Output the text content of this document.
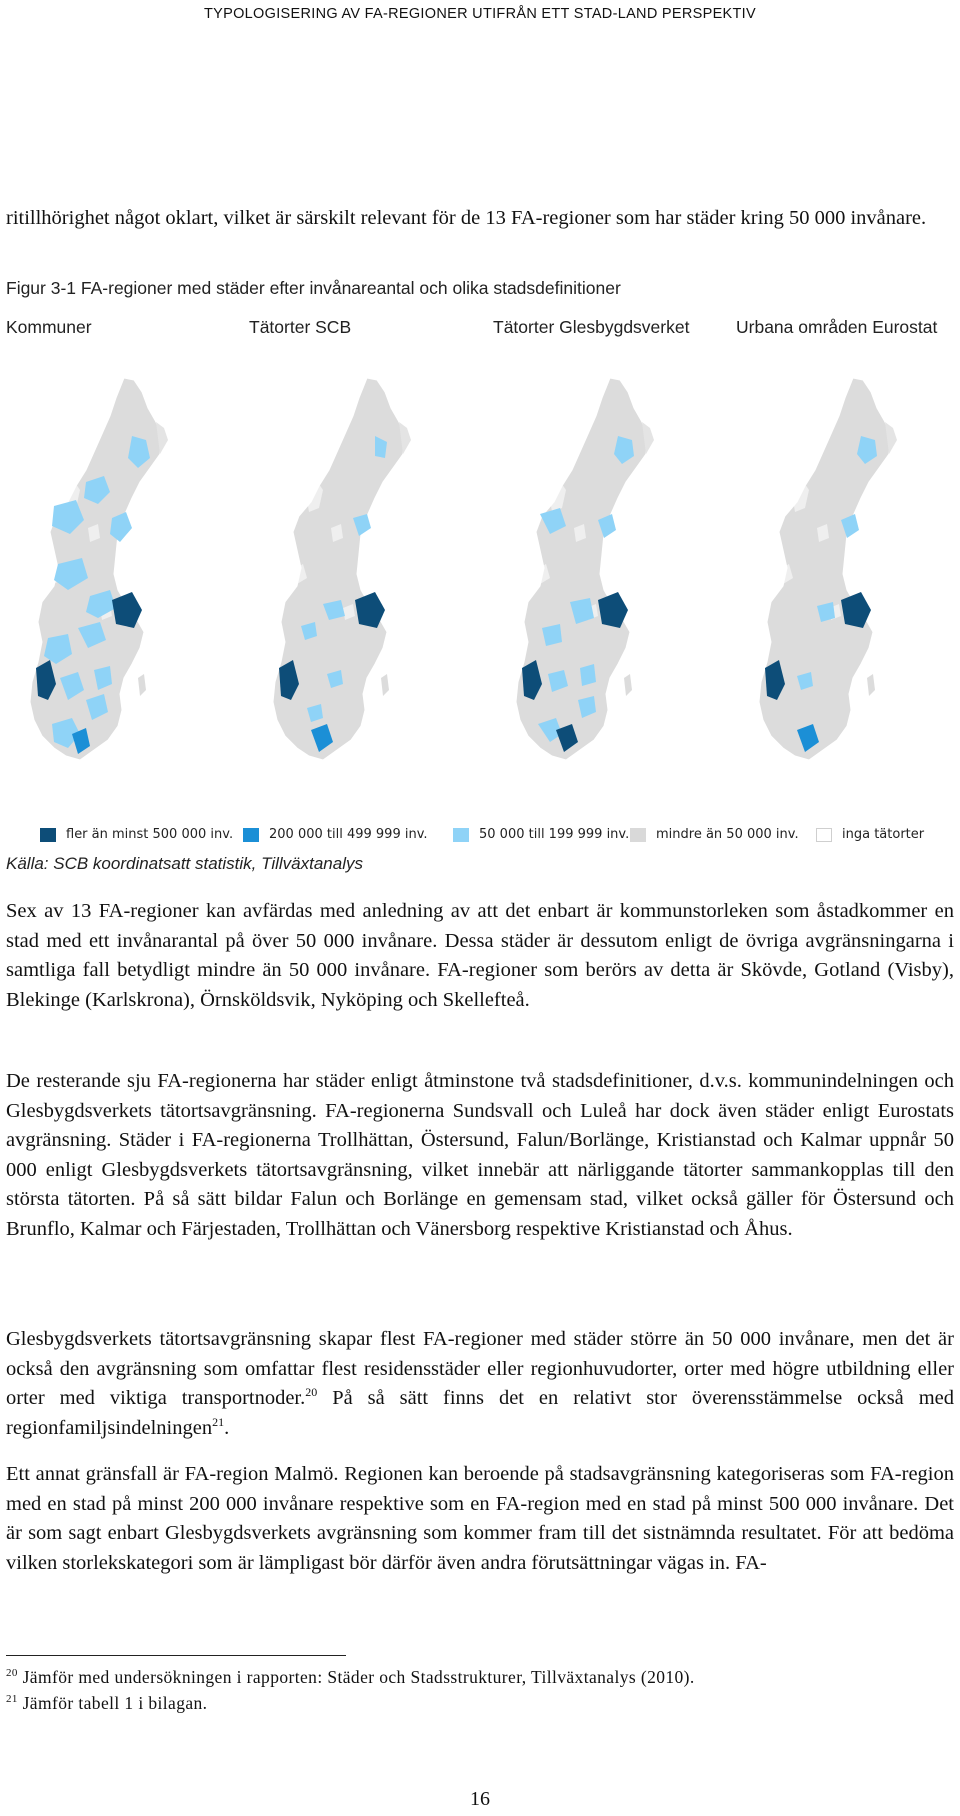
TYPOLOGISERING AV FA-REGIONER UTIFRÅN ETT STAD-LAND PERSPEKTIV
ritillhörighet något oklart, vilket är särskilt relevant för de 13 FA-regioner som har städer kring 50 000 invånare.
Figur 3-1 FA-regioner med städer efter invånareantal och olika stadsdefinitioner
Kommuner	Tätorter SCB	Tätorter Glesbygdsverket	Urbana områden Eurostat
fler än minst 500 000 inv.	200 000 till 499 999 inv.	50 000 till 199 999 inv. mindre än 50 000 inv.	inga tätorter
Källa: SCB koordinatsatt statistik, Tillväxtanalys

Sex av 13 FA-regioner kan avfärdas med anledning av att det enbart är kommunstorleken som åstadkommer en stad med ett invånarantal på över 50 000 invånare. Dessa städer är dessutom enligt de övriga avgränsningarna i samtliga fall betydligt mindre än 50 000 invånare. FA-regioner som berörs av detta är Skövde, Gotland (Visby), Blekinge (Karlskrona), Örnsköldsvik, Nyköping och Skellefteå.

De resterande sju FA-regionerna har städer enligt åtminstone två stadsdefinitioner, d.v.s. kommunindelningen och Glesbygdsverkets tätortsavgränsning. FA-regionerna Sundsvall och Luleå har dock även städer enligt Eurostats avgränsning. Städer i FA-regionerna Trollhättan, Östersund, Falun/Borlänge, Kristianstad och Kalmar uppnår 50 000 enligt Glesbygdsverkets tätortsavgränsning, vilket innebär att närliggande tätorter sammankopplas till den största tätorten. På så sätt bildar Falun och Borlänge en gemensam stad, vilket också gäller för Östersund och Brunflo, Kalmar och Färjestaden, Trollhättan och Vänersborg respektive Kristianstad och Åhus.

Glesbygdsverkets tätortsavgränsning skapar flest FA-regioner med städer större än 50 000 invånare, men det är också den avgränsning som omfattar flest residensstäder eller regionhuvudorter, orter med högre utbildning eller orter med viktiga transportnoder.$^{20}$ På så sätt finns det en relativt stor överensstämmelse också med regionfamiljsindelningen$^{21}$.

Ett annat gränsfall är FA-region Malmö. Regionen kan beroende på stadsavgränsning kategoriseras som FA-region med en stad på minst 200 000 invånare respektive som en FA-region med en stad på minst 500 000 invånare. Det är som sagt enbart Glesbygdsverkets avgränsning som kommer fram till det sistnämnda resultatet. För att bedöma vilken storlekskategori som är lämpligast bör därför även andra förutsättningar vägas in. FA-

$^{20}$ Jämför med undersökningen i rapporten: Städer och Stadsstrukturer, Tillväxtanalys (2010).
$^{21}$ Jämför tabell 1 i bilagan.
16
